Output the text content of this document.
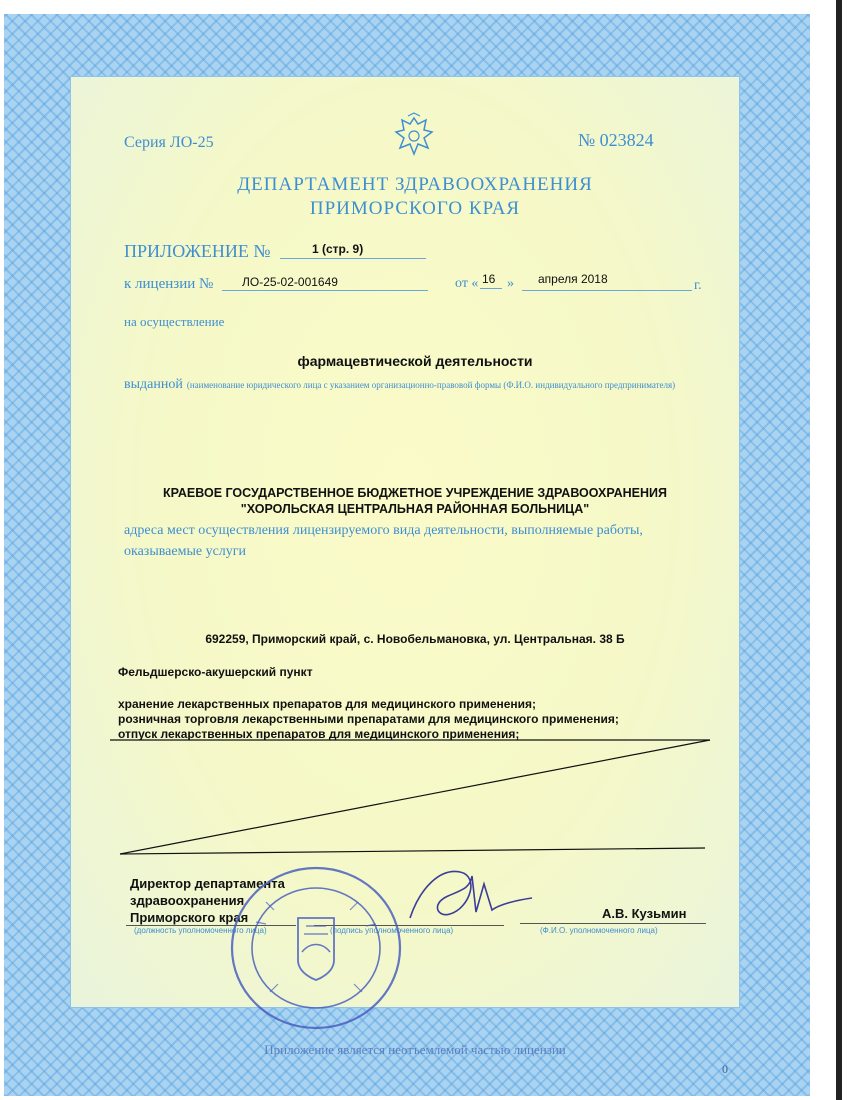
Серия ЛО-25	№ 023824
ДЕПАРТАМЕНТ ЗДРАВООХРАНЕНИЯ
ПРИМОРСКОГО КРАЯ
ПРИЛОЖЕНИЕ №	1 (стр. 9)
к лицензии № ЛО-25-02-001649	от « 16 » апреля 2018	г.
на осуществление
фармацевтической деятельности
выданной (наименование юридического лица с указанием организационно-правовой формы (Ф.И.О. индивидуального предпринимателя)
КРАЕВОЕ ГОСУДАРСТВЕННОЕ БЮДЖЕТНОЕ УЧРЕЖДЕНИЕ ЗДРАВООХРАНЕНИЯ
"ХОРОЛЬСКАЯ ЦЕНТРАЛЬНАЯ РАЙОННАЯ БОЛЬНИЦА"
адреса мест осуществления лицензируемого вида деятельности, выполняемые работы, оказываемые услуги
692259, Приморский край, с. Новобельмановка, ул. Центральная. 38 Б
Фельдшерско-акушерский пункт
хранение лекарственных препаратов для медицинского применения;
розничная торговля лекарственными препаратами для медицинского применения;
отпуск лекарственных препаратов для медицинского применения;
Директор департамента
здравоохранения
Приморского края	А.В. Кузьмин
(должность уполномоченного лица)	(подпись уполномоченного лица)	(Ф.И.О. уполномоченного лица)
Приложение является неотъемлемой частью лицензии
0
